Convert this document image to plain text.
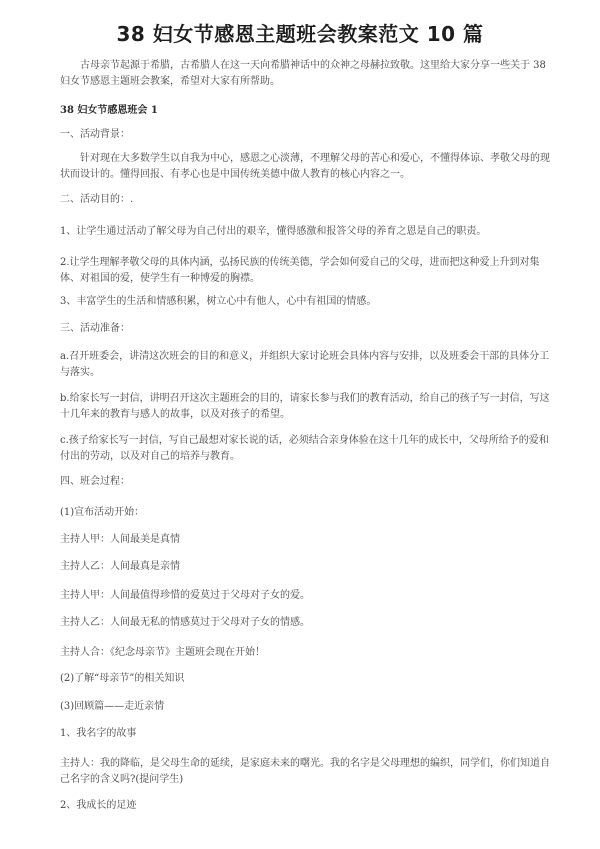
38 妇女节感恩主题班会教案范文 10 篇
古母亲节起源于希腊，古希腊人在这一天向希腊神话中的众神之母赫拉致敬。这里给大家分享一些关于 38 妇女节感恩主题班会教案，希望对大家有所帮助。
38 妇女节感恩班会 1
一、活动背景：
针对现在大多数学生以自我为中心，感恩之心淡薄，不理解父母的苦心和爱心，不懂得体谅、孝敬父母的现状而设计的。懂得回报、有孝心也是中国传统美德中做人教育的核心内容之一。
二、活动目的：.
1、让学生通过活动了解父母为自己付出的艰辛，懂得感激和报答父母的养育之恩是自己的职责。
2.让学生理解孝敬父母的具体内涵，弘扬民族的传统美德，学会如何爱自己的父母，进而把这种爱上升到对集体、对祖国的爱，使学生有一种博爱的胸襟。
3、丰富学生的生活和情感积累，树立心中有他人，心中有祖国的情感。
三、活动准备：
a.召开班委会，讲清这次班会的目的和意义，并组织大家讨论班会具体内容与安排，以及班委会干部的具体分工与落实。
b.给家长写一封信，讲明召开这次主题班会的目的，请家长参与我们的教育活动，给自己的孩子写一封信，写这十几年来的教育与感人的故事，以及对孩子的希望。
c.孩子给家长写一封信，写自己最想对家长说的话，必须结合亲身体验在这十几年的成长中，父母所给予的爱和付出的劳动，以及对自己的培养与教育。
四、班会过程：
(1)宣布活动开始：
主持人甲：人间最美是真情
主持人乙：人间最真是亲情
主持人甲：人间最值得珍惜的爱莫过于父母对子女的爱。
主持人乙：人间最无私的情感莫过于父母对子女的情感。
主持人合：《纪念母亲节》主题班会现在开始！
(2)了解“母亲节”的相关知识
(3)回顾篇——走近亲情
1、我名字的故事
主持人：我的降临，是父母生命的延续，是家庭未来的曙光。我的名字是父母理想的编织，同学们，你们知道自己名字的含义吗?(提问学生)
2、我成长的足迹
